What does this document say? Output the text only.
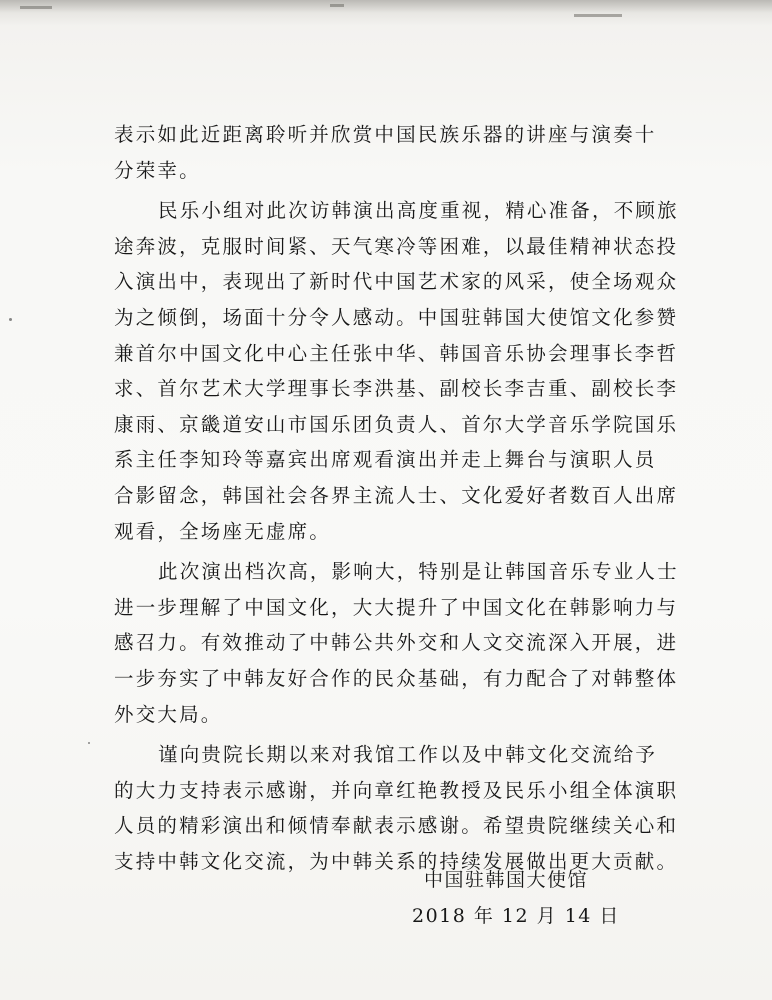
表示如此近距离聆听并欣赏中国民族乐器的讲座与演奏十
分荣幸。
民乐小组对此次访韩演出高度重视，精心准备，不顾旅
途奔波，克服时间紧、天气寒冷等困难，以最佳精神状态投
入演出中，表现出了新时代中国艺术家的风采，使全场观众
为之倾倒，场面十分令人感动。中国驻韩国大使馆文化参赞
兼首尔中国文化中心主任张中华、韩国音乐协会理事长李哲
求、首尔艺术大学理事长李洪基、副校长李吉重、副校长李
康雨、京畿道安山市国乐团负责人、首尔大学音乐学院国乐
系主任李知玲等嘉宾出席观看演出并走上舞台与演职人员
合影留念，韩国社会各界主流人士、文化爱好者数百人出席
观看，全场座无虚席。
此次演出档次高，影响大，特别是让韩国音乐专业人士
进一步理解了中国文化，大大提升了中国文化在韩影响力与
感召力。有效推动了中韩公共外交和人文交流深入开展，进
一步夯实了中韩友好合作的民众基础，有力配合了对韩整体
外交大局。
谨向贵院长期以来对我馆工作以及中韩文化交流给予
的大力支持表示感谢，并向章红艳教授及民乐小组全体演职
人员的精彩演出和倾情奉献表示感谢。希望贵院继续关心和
支持中韩文化交流，为中韩关系的持续发展做出更大贡献。
中国驻韩国大使馆
2018 年 12 月 14 日
